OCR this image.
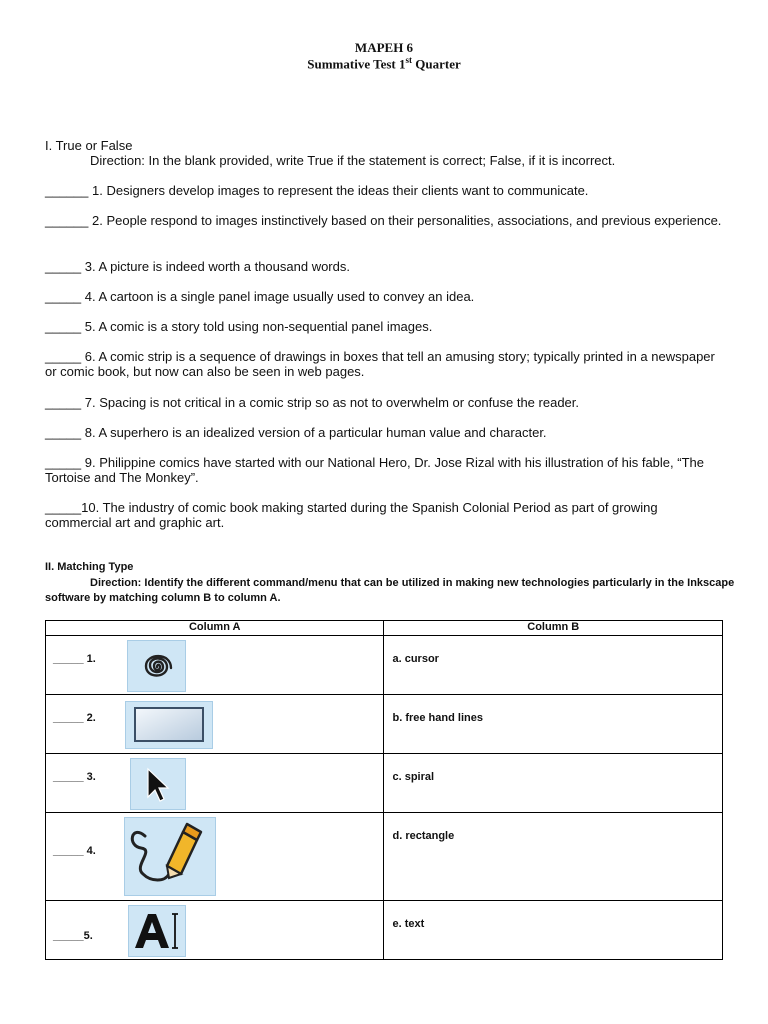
MAPEH 6
Summative Test 1st Quarter
I. True or False
Direction: In the blank provided, write True if the statement is correct; False, if it is incorrect.
______ 1. Designers develop images to represent the ideas their clients want to communicate.
______ 2. People respond to images instinctively based on their personalities, associations, and previous experience.
_____ 3. A picture is indeed worth a thousand words.
_____ 4. A cartoon is a single panel image usually used to convey an idea.
_____ 5. A comic is a story told using non-sequential panel images.
_____ 6. A comic strip is a sequence of drawings in boxes that tell an amusing story; typically printed in a newspaper or comic book, but now can also be seen in web pages.
_____ 7. Spacing is not critical in a comic strip so as not to overwhelm or confuse the reader.
_____ 8. A superhero is an idealized version of a particular human value and character.
_____ 9. Philippine comics have started with our National Hero, Dr. Jose Rizal with his illustration of his fable, “The Tortoise and The Monkey”.
_____10. The industry of comic book making started during the Spanish Colonial Period as part of growing commercial art and graphic art.
II. Matching Type
Direction: Identify the different command/menu that can be utilized in making new technologies particularly in the Inkscape software by matching column B to column A.
Column A	Column B

_____ 1.	a. cursor

_____ 2.	b. free hand lines

_____ 3.	c. spiral

_____ 4.	d. rectangle

_____5.	e. text
